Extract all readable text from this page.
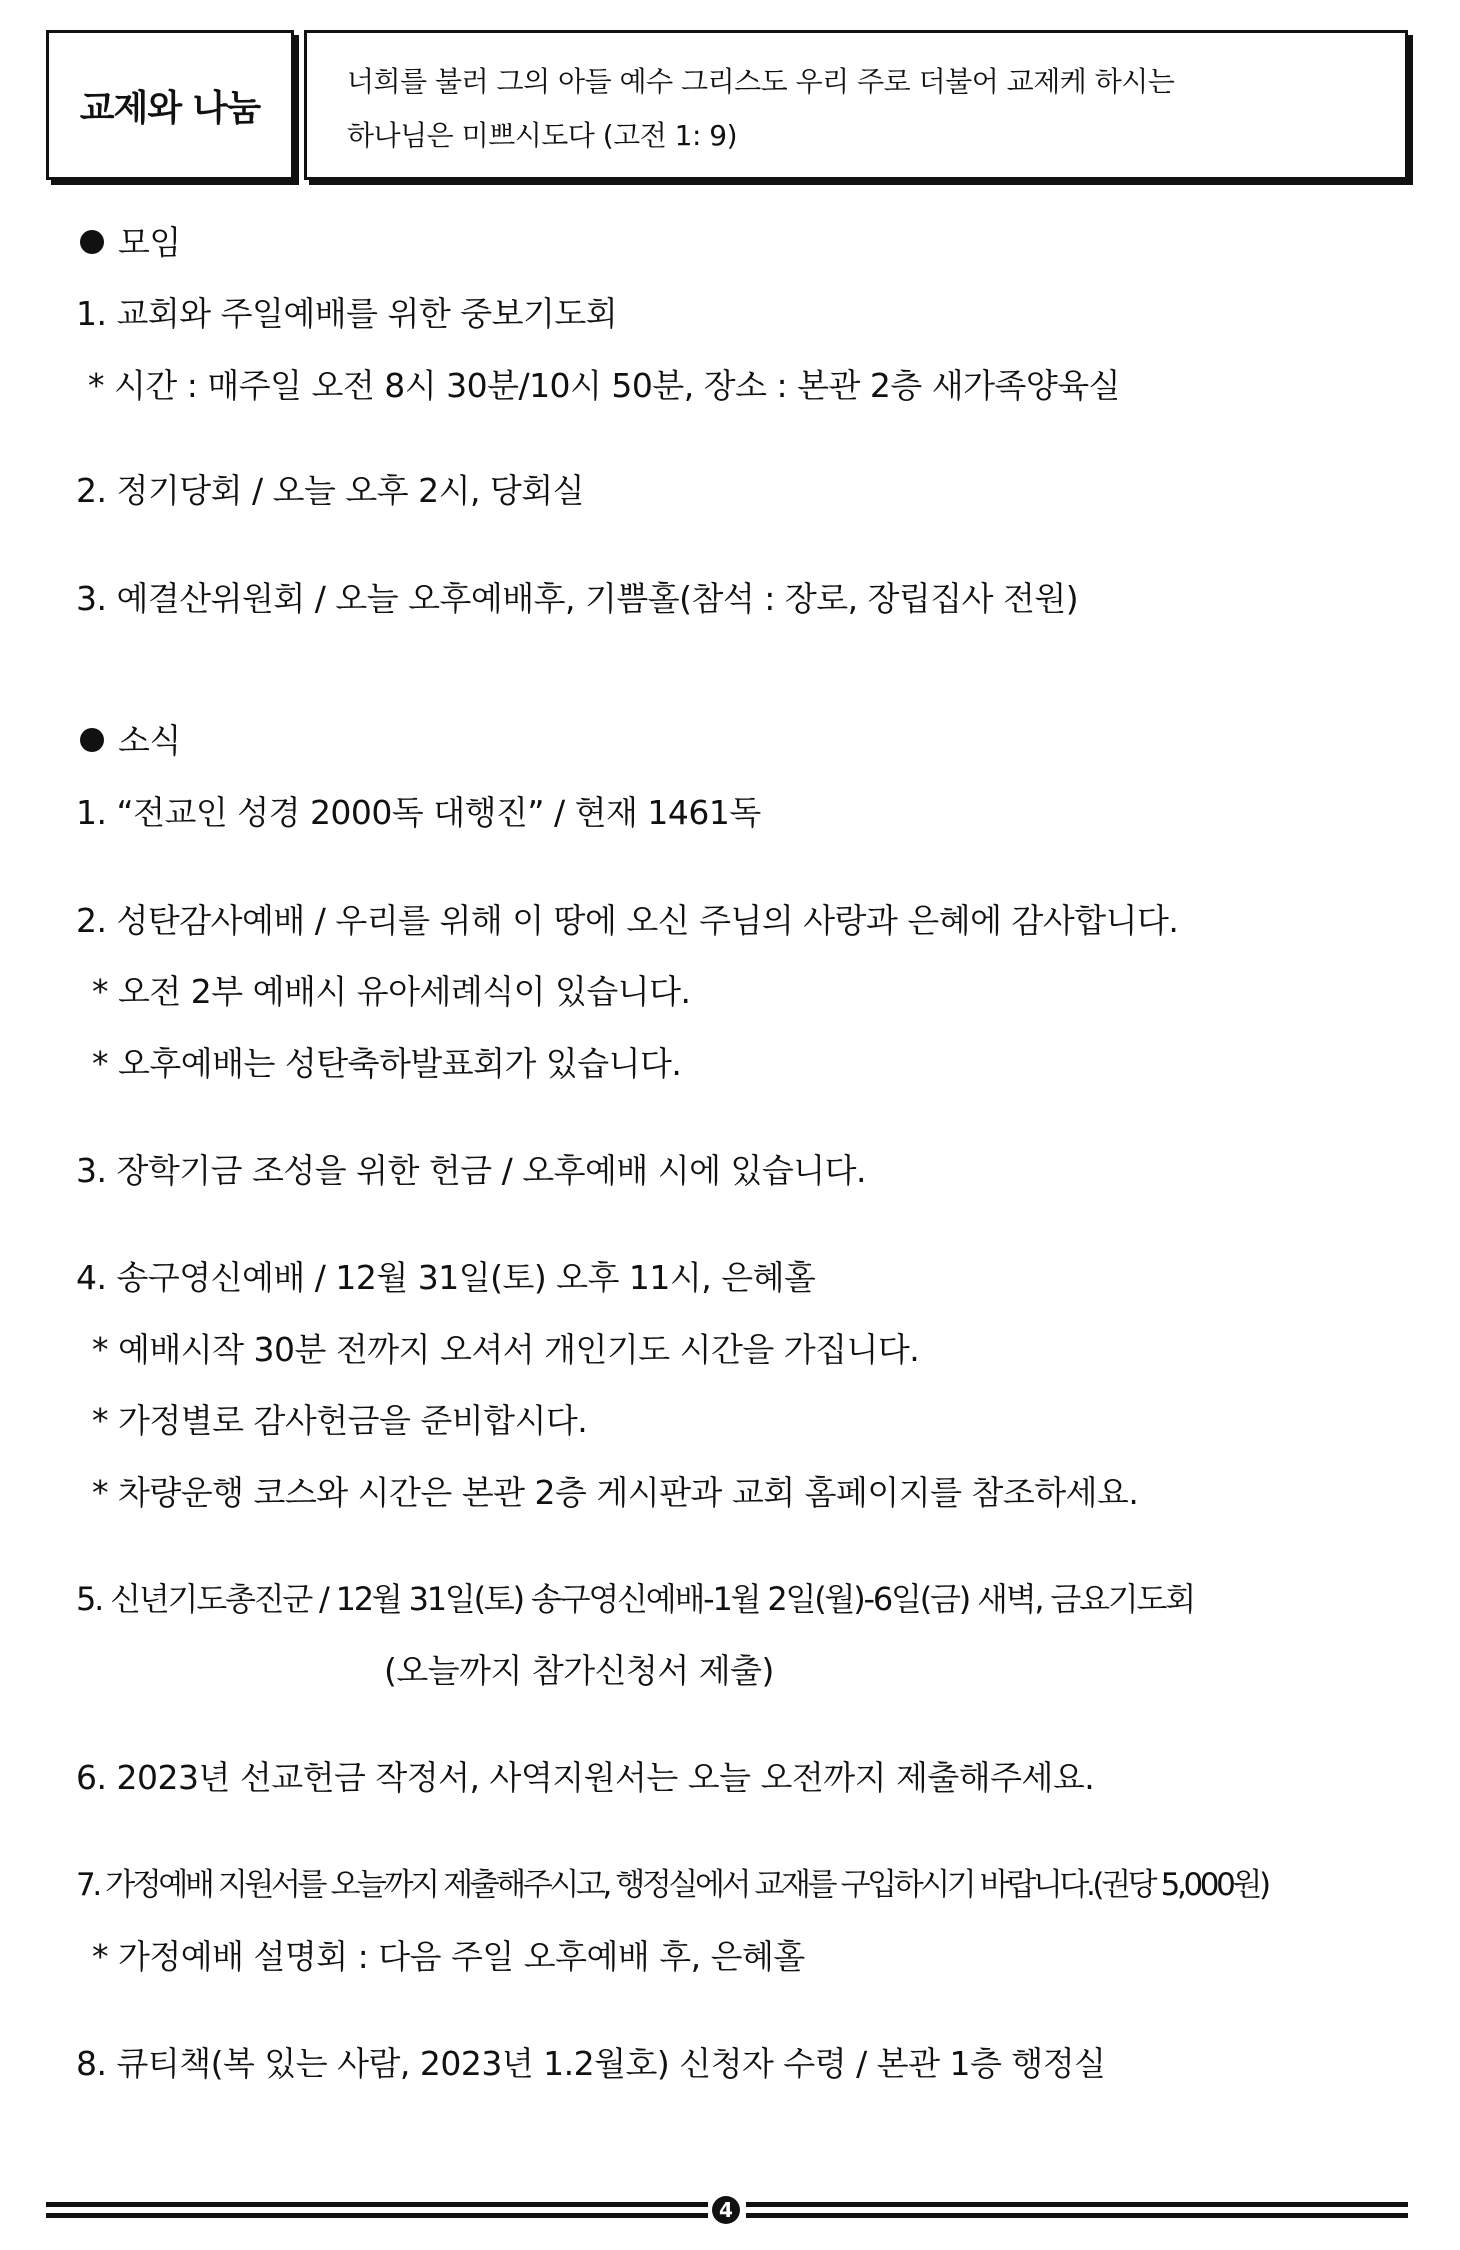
교제와 나눔
너희를 불러 그의 아들 예수 그리스도 우리 주로 더불어 교제케 하시는
하나님은 미쁘시도다 (고전 1: 9)
모임
1. 교회와 주일예배를 위한 중보기도회
* 시간 : 매주일 오전 8시 30분/10시 50분, 장소 : 본관 2층 새가족양육실
2. 정기당회 / 오늘 오후 2시, 당회실
3. 예결산위원회 / 오늘 오후예배후, 기쁨홀(참석 : 장로, 장립집사 전원)
소식
1. “전교인 성경 2000독 대행진” / 현재 1461독
2. 성탄감사예배 / 우리를 위해 이 땅에 오신 주님의 사랑과 은혜에 감사합니다.
* 오전 2부 예배시 유아세례식이 있습니다.
* 오후예배는 성탄축하발표회가 있습니다.
3. 장학기금 조성을 위한 헌금 / 오후예배 시에 있습니다.
4. 송구영신예배 / 12월 31일(토) 오후 11시, 은혜홀
* 예배시작 30분 전까지 오셔서 개인기도 시간을 가집니다.
* 가정별로 감사헌금을 준비합시다.
* 차량운행 코스와 시간은 본관 2층 게시판과 교회 홈페이지를 참조하세요.
5. 신년기도총진군 / 12월 31일(토) 송구영신예배-1월 2일(월)-6일(금) 새벽, 금요기도회
(오늘까지 참가신청서 제출)
6. 2023년 선교헌금 작정서, 사역지원서는 오늘 오전까지 제출해주세요.
7. 가정예배 지원서를 오늘까지 제출해주시고, 행정실에서 교재를 구입하시기 바랍니다.(권당 5,000원)
* 가정예배 설명회 : 다음 주일 오후예배 후, 은혜홀
8. 큐티책(복 있는 사람, 2023년 1.2월호) 신청자 수령 / 본관 1층 행정실
4
